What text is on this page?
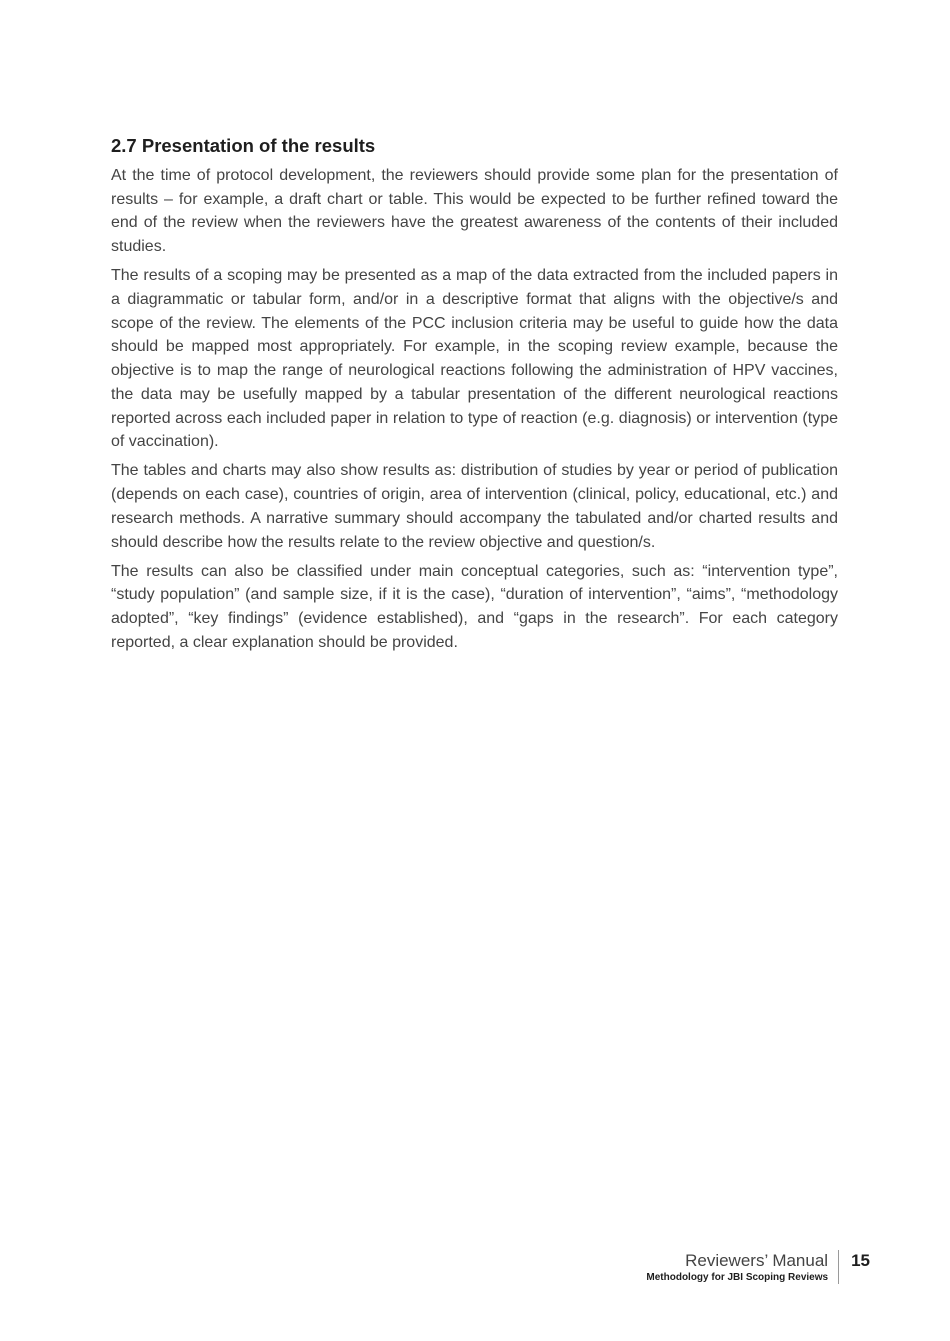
2.7 Presentation of the results

At the time of protocol development, the reviewers should provide some plan for the presentation of results – for example, a draft chart or table. This would be expected to be further refined toward the end of the review when the reviewers have the greatest awareness of the contents of their included studies.

The results of a scoping may be presented as a map of the data extracted from the included papers in a diagrammatic or tabular form, and/or in a descriptive format that aligns with the objective/s and scope of the review. The elements of the PCC inclusion criteria may be useful to guide how the data should be mapped most appropriately. For example, in the scoping review example, because the objective is to map the range of neurological reactions following the administration of HPV vaccines, the data may be usefully mapped by a tabular presentation of the different neurological reactions reported across each included paper in relation to type of reaction (e.g. diagnosis) or intervention (type of vaccination).

The tables and charts may also show results as: distribution of studies by year or period of publication (depends on each case), countries of origin, area of intervention (clinical, policy, educational, etc.) and research methods. A narrative summary should accompany the tabulated and/or charted results and should describe how the results relate to the review objective and question/s.

The results can also be classified under main conceptual categories, such as: “intervention type”, “study population” (and sample size, if it is the case), “duration of intervention”, “aims”, “methodology adopted”, “key findings” (evidence established), and “gaps in the research”. For each category reported, a clear explanation should be provided.

Reviewers’ Manual
Methodology for JBI Scoping Reviews
15
